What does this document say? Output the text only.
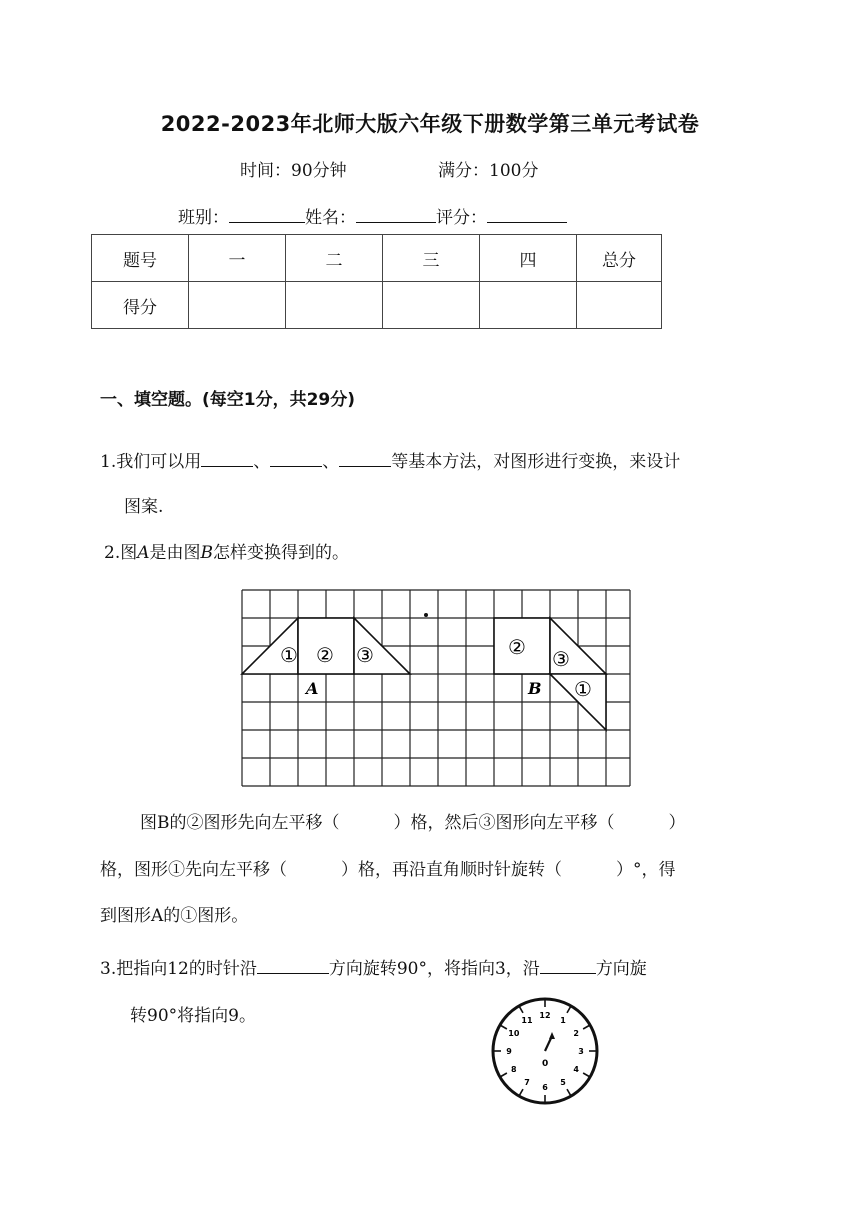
2022-2023年北师大版六年级下册数学第三单元考试卷
时间：90分钟	满分：100分
班别：	姓名：	评分：
题号	一	二	三	四	总分
得分					
一、填空题。(每空1分，共29分)
1.我们可以用	、	、	等基本方法，对图形进行变换，来设计
图案.
2.图A是由图B怎样变换得到的。
① ② ③
A
② ③
①
B
图B的②图形先向左平移（	）格，然后③图形向左平移（	）
格，图形①先向左平移（	）格，再沿直角顺时针旋转（	）°，得
到图形A的①图形。
3.把指向12的时针沿	方向旋转90°，将指向3，沿	方向旋
转90°将指向9。	12
1
2
3
4
5
6
7
8
9
10
11
0
